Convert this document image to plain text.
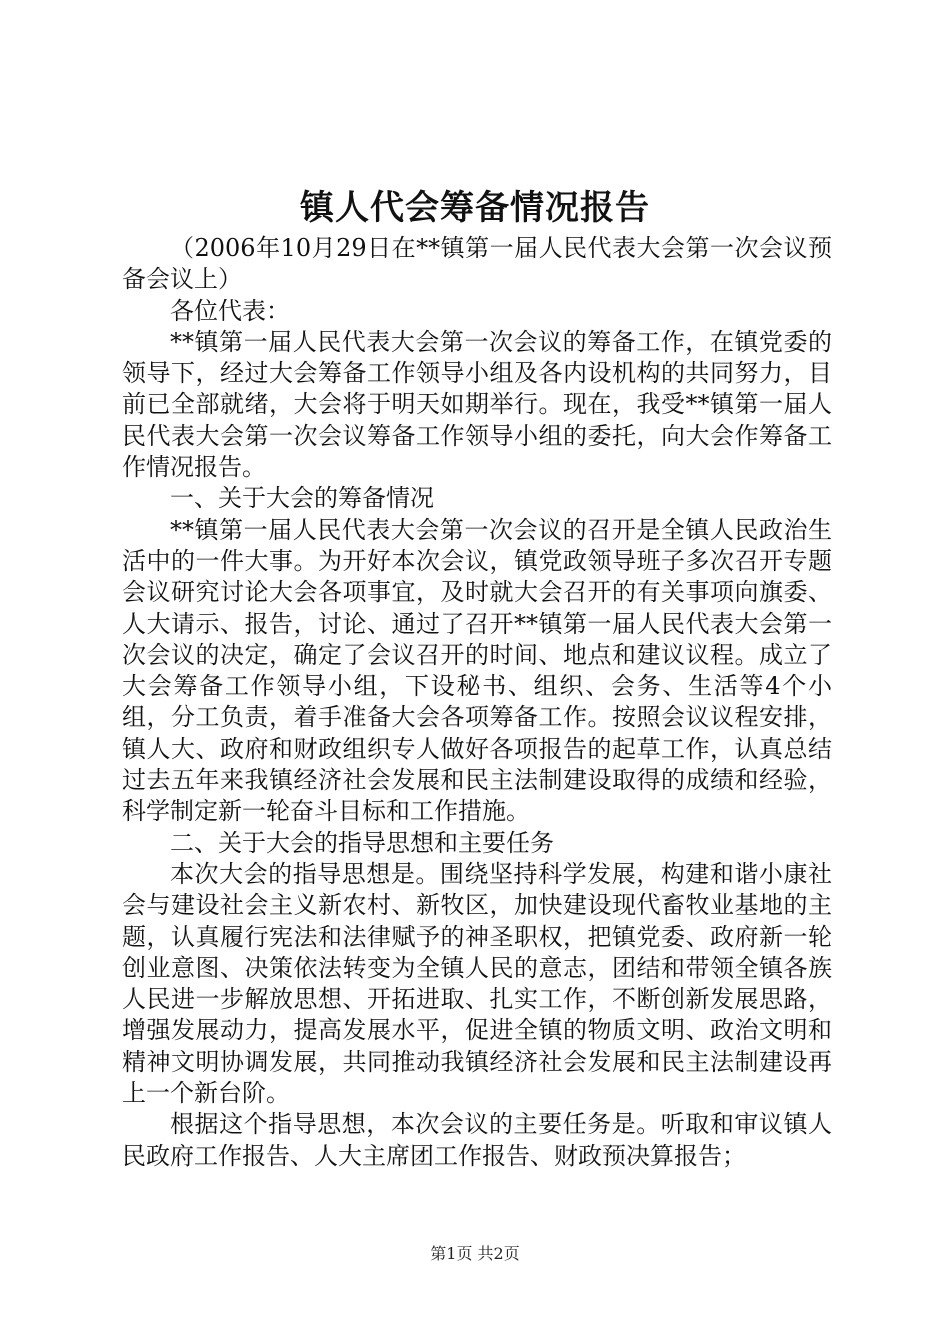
镇人代会筹备情况报告

（2006年10月29日在**镇第一届人民代表大会第一次会议预备会议上）

各位代表：

**镇第一届人民代表大会第一次会议的筹备工作，在镇党委的领导下，经过大会筹备工作领导小组及各内设机构的共同努力，目前已全部就绪，大会将于明天如期举行。现在，我受**镇第一届人民代表大会第一次会议筹备工作领导小组的委托，向大会作筹备工作情况报告。

一、关于大会的筹备情况

**镇第一届人民代表大会第一次会议的召开是全镇人民政治生活中的一件大事。为开好本次会议，镇党政领导班子多次召开专题会议研究讨论大会各项事宜，及时就大会召开的有关事项向旗委、人大请示、报告，讨论、通过了召开**镇第一届人民代表大会第一次会议的决定，确定了会议召开的时间、地点和建议议程。成立了大会筹备工作领导小组，下设秘书、组织、会务、生活等4个小组，分工负责，着手准备大会各项筹备工作。按照会议议程安排，镇人大、政府和财政组织专人做好各项报告的起草工作，认真总结过去五年来我镇经济社会发展和民主法制建设取得的成绩和经验，科学制定新一轮奋斗目标和工作措施。

二、关于大会的指导思想和主要任务

本次大会的指导思想是。围绕坚持科学发展，构建和谐小康社会与建设社会主义新农村、新牧区，加快建设现代畜牧业基地的主题，认真履行宪法和法律赋予的神圣职权，把镇党委、政府新一轮创业意图、决策依法转变为全镇人民的意志，团结和带领全镇各族人民进一步解放思想、开拓进取、扎实工作，不断创新发展思路，增强发展动力，提高发展水平，促进全镇的物质文明、政治文明和精神文明协调发展，共同推动我镇经济社会发展和民主法制建设再上一个新台阶。

根据这个指导思想，本次会议的主要任务是。听取和审议镇人民政府工作报告、人大主席团工作报告、财政预决算报告；

第1页 共2页
